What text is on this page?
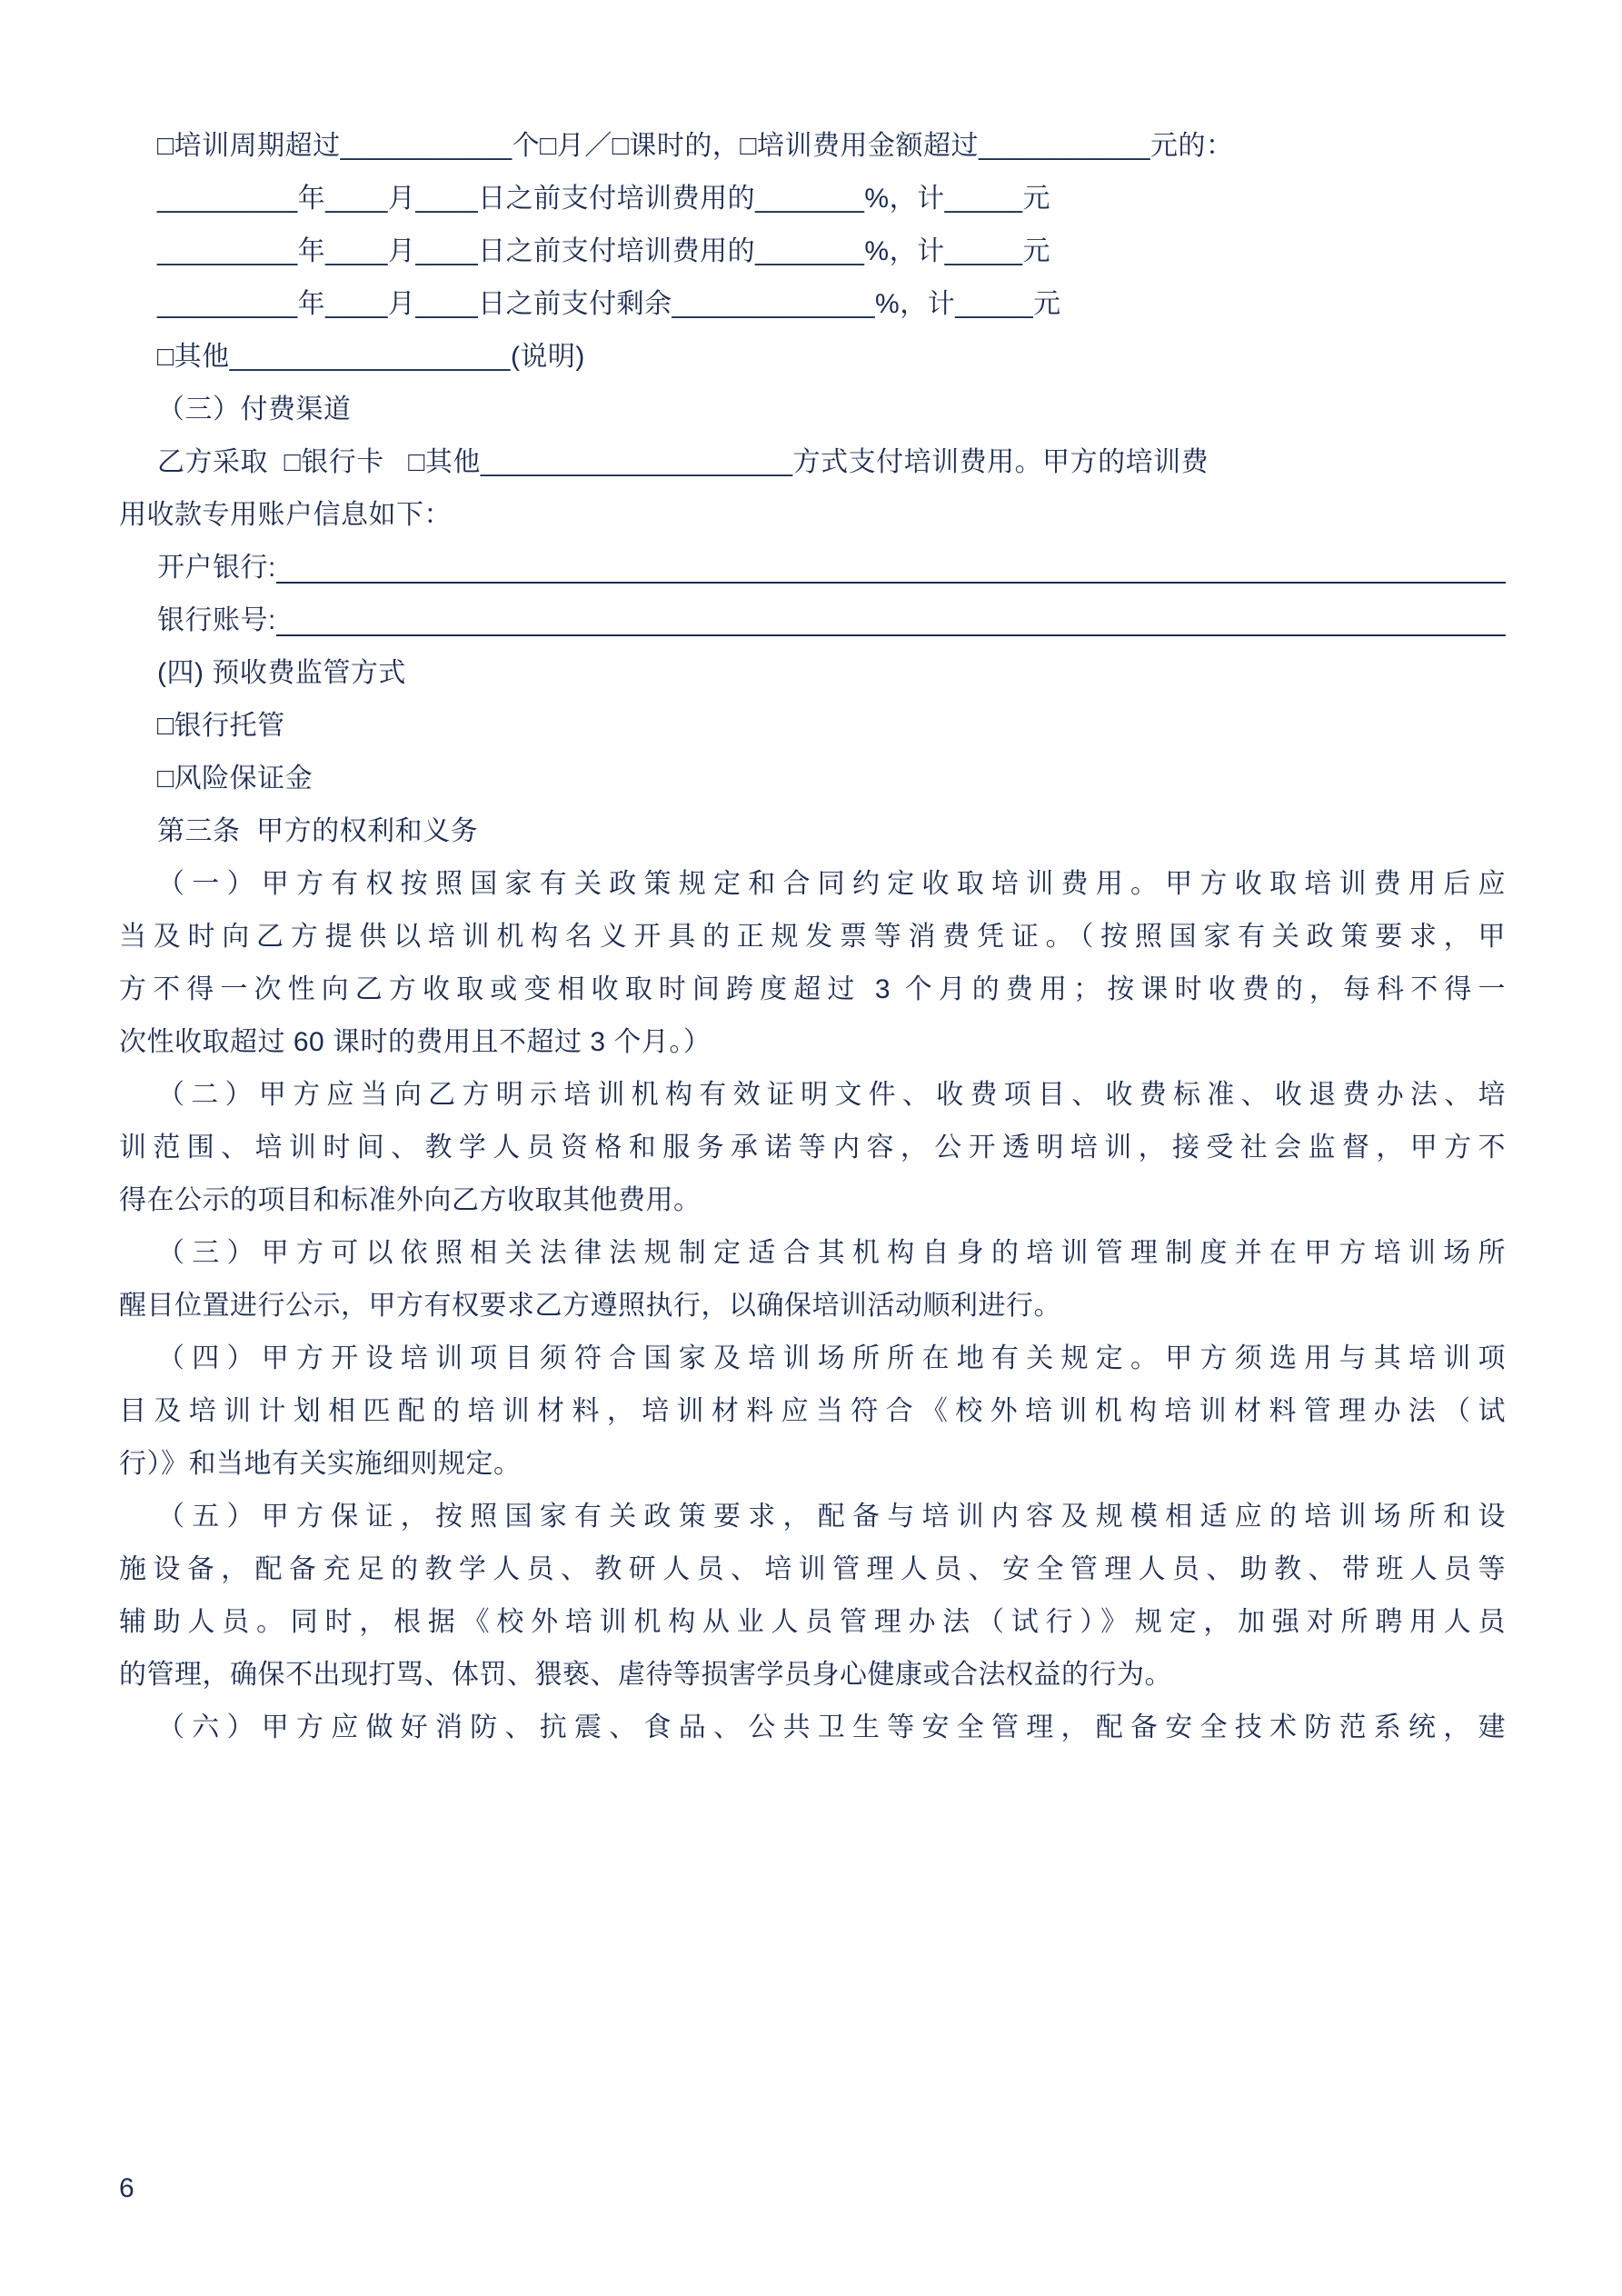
□培训周期超过___________个□月／□课时的，□培训费用金额超过___________元的：
_________年____月____日之前支付培训费用的_______%，计_____元
_________年____月____日之前支付培训费用的_______%，计_____元
_________年____月____日之前支付剩余_____________%，计_____元
□其他__________________(说明)
（三）付费渠道
乙方采取  □银行卡   □其他____________________方式支付培训费用。甲方的培训费
用收款专用账户信息如下：
开户银行:
银行账号:
(四) 预收费监管方式
□银行托管
□风险保证金
第三条  甲方的权利和义务
（一）甲方有权按照国家有关政策规定和合同约定收取培训费用。甲方收取培训费用后应
当及时向乙方提供以培训机构名义开具的正规发票等消费凭证。（按照国家有关政策要求，甲
方不得一次性向乙方收取或变相收取时间跨度超过 3 个月的费用；按课时收费的，每科不得一
次性收取超过 60 课时的费用且不超过 3 个月。）
（二）甲方应当向乙方明示培训机构有效证明文件、收费项目、收费标准、收退费办法、培
训范围、培训时间、教学人员资格和服务承诺等内容，公开透明培训，接受社会监督，甲方不
得在公示的项目和标准外向乙方收取其他费用。
（三）甲方可以依照相关法律法规制定适合其机构自身的培训管理制度并在甲方培训场所
醒目位置进行公示，甲方有权要求乙方遵照执行，以确保培训活动顺利进行。
（四）甲方开设培训项目须符合国家及培训场所所在地有关规定。甲方须选用与其培训项
目及培训计划相匹配的培训材料，培训材料应当符合《校外培训机构培训材料管理办法（试
行）》和当地有关实施细则规定。
（五）甲方保证，按照国家有关政策要求，配备与培训内容及规模相适应的培训场所和设
施设备，配备充足的教学人员、教研人员、培训管理人员、安全管理人员、助教、带班人员等
辅助人员。同时，根据《校外培训机构从业人员管理办法（试行）》规定，加强对所聘用人员
的管理，确保不出现打骂、体罚、猥亵、虐待等损害学员身心健康或合法权益的行为。
（六）甲方应做好消防、抗震、食品、公共卫生等安全管理，配备安全技术防范系统，建
6
